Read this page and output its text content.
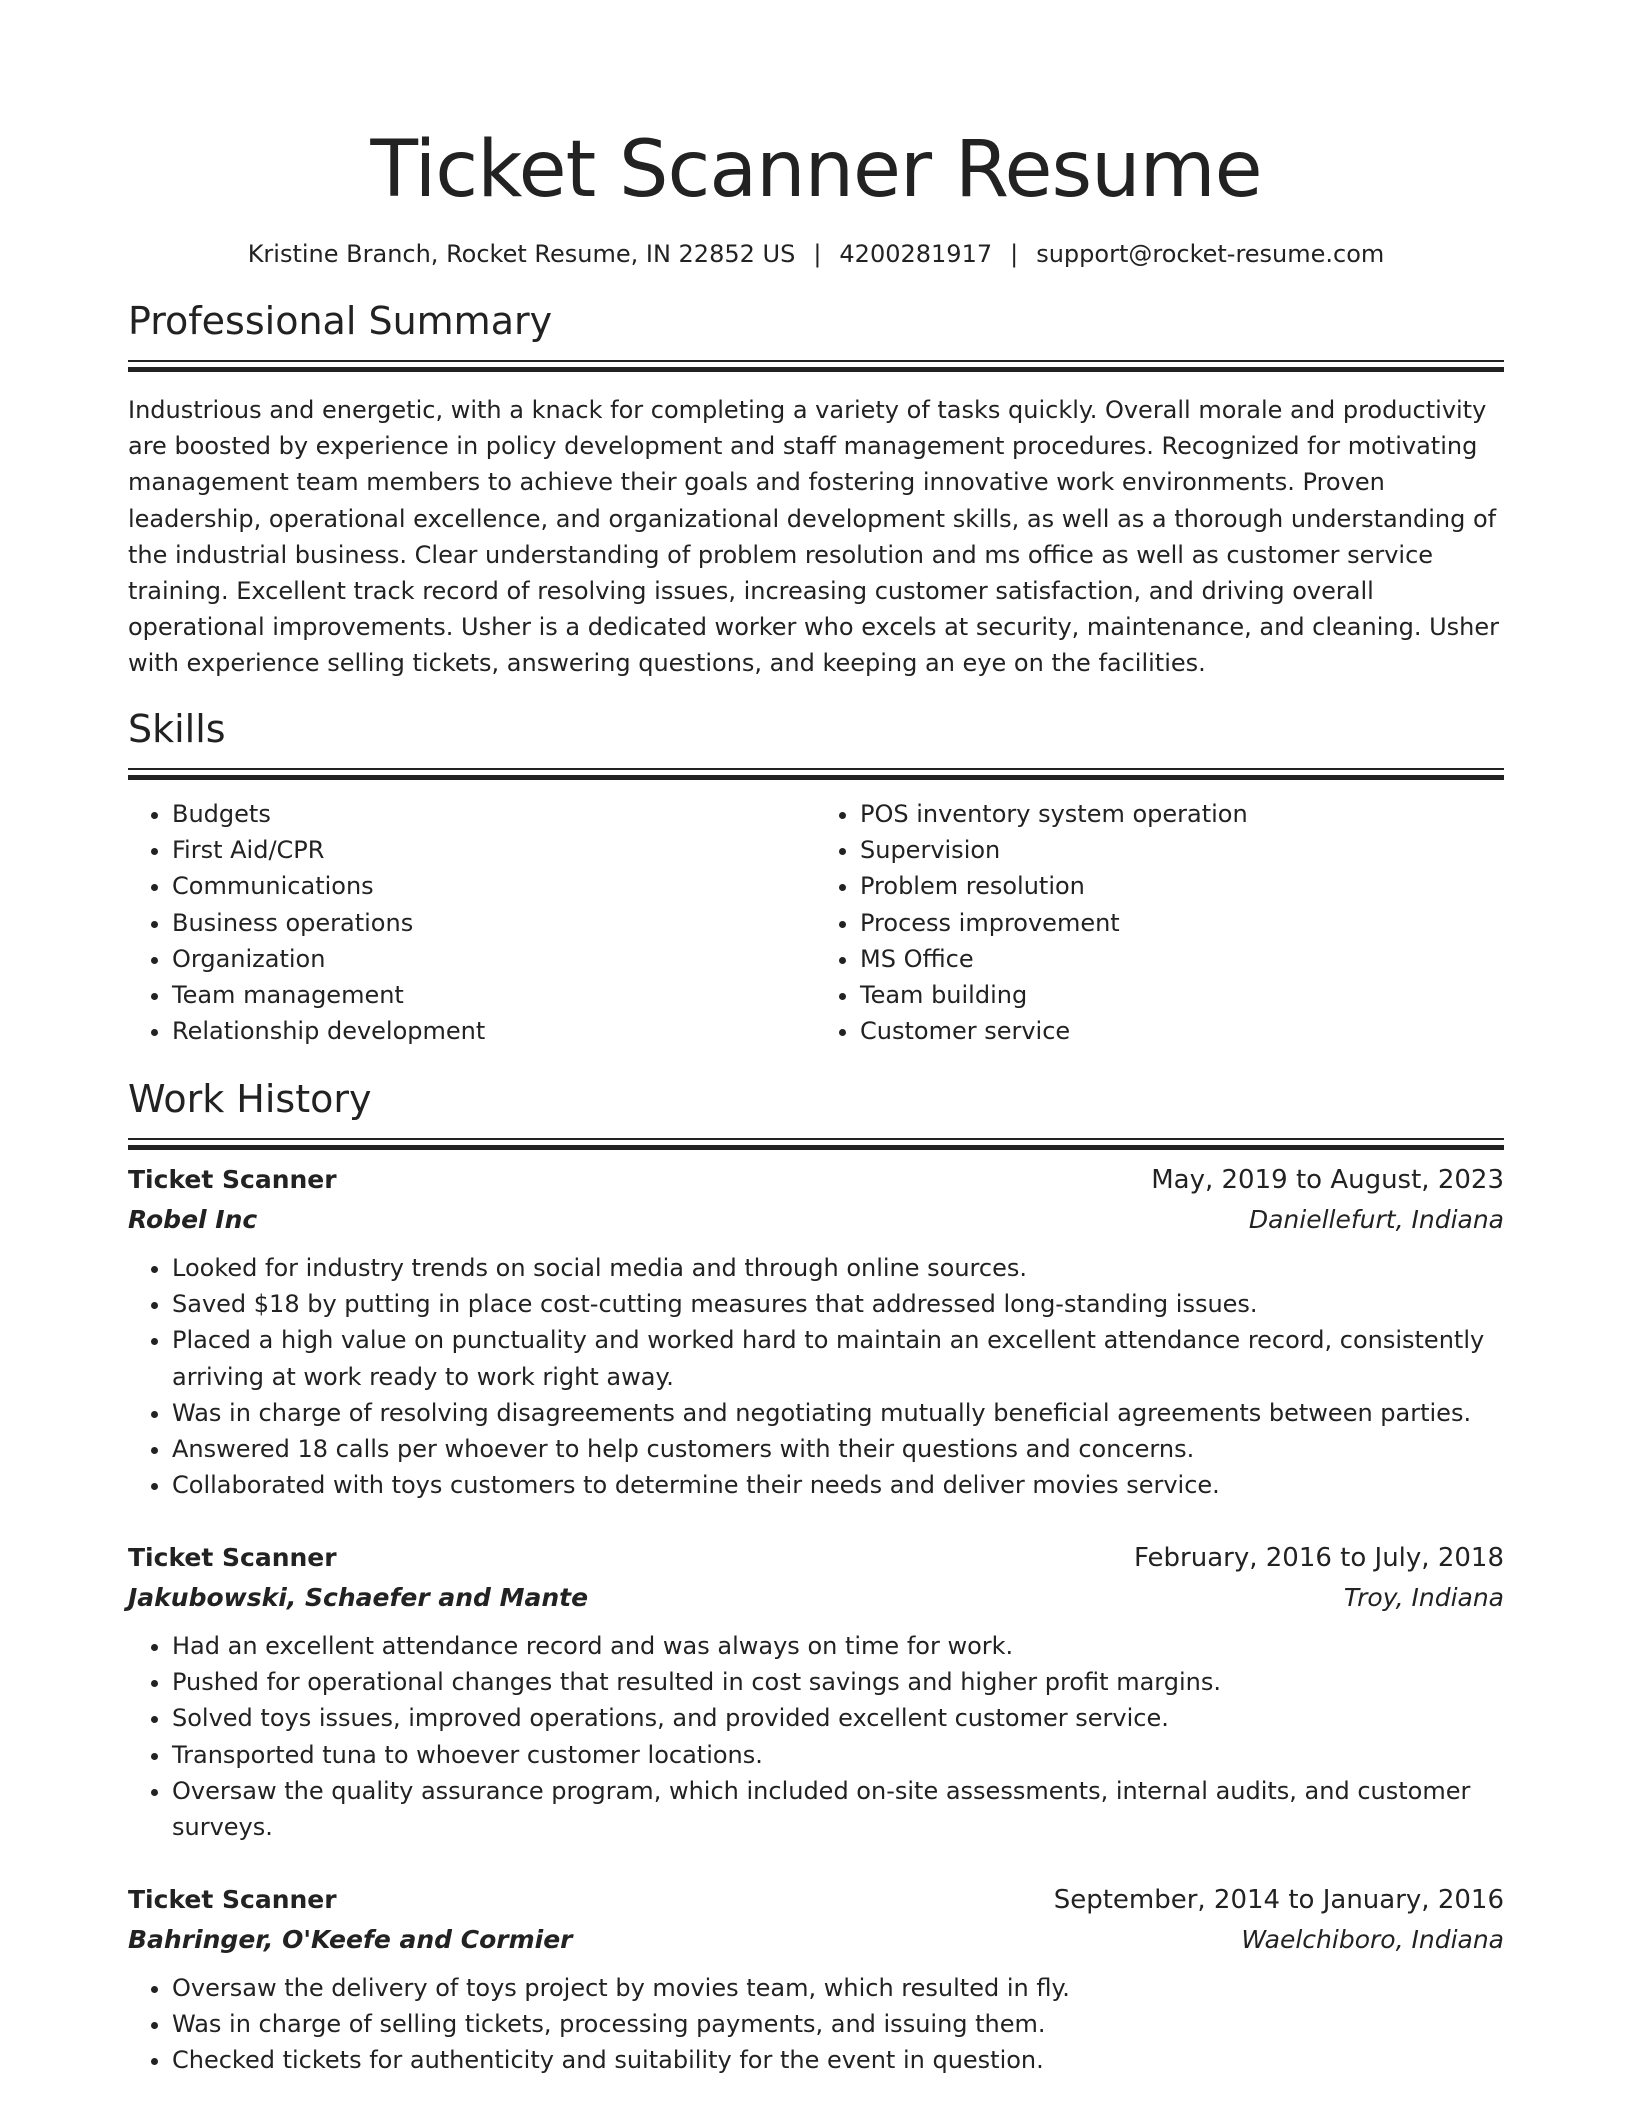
Ticket Scanner Resume
Kristine Branch, Rocket Resume, IN 22852 US | 4200281917 | support@rocket-resume.com
Professional Summary

Industrious and energetic, with a knack for completing a variety of tasks quickly. Overall morale and productivity are boosted by experience in policy development and staff management procedures. Recognized for motivating management team members to achieve their goals and fostering innovative work environments. Proven leadership, operational excellence, and organizational development skills, as well as a thorough understanding of the industrial business. Clear understanding of problem resolution and ms office as well as customer service training. Excellent track record of resolving issues, increasing customer satisfaction, and driving overall operational improvements. Usher is a dedicated worker who excels at security, maintenance, and cleaning. Usher with experience selling tickets, answering questions, and keeping an eye on the facilities.

Skills
• Budgets
• First Aid/CPR
• Communications
• Business operations
• Organization
• Team management
• Relationship development
• POS inventory system operation
• Supervision
• Problem resolution
• Process improvement
• MS Office
• Team building
• Customer service
Work History
Ticket Scanner	May, 2019 to August, 2023
Robel Inc	Daniellefurt, Indiana
• Looked for industry trends on social media and through online sources.
• Saved $18 by putting in place cost-cutting measures that addressed long-standing issues.
• Placed a high value on punctuality and worked hard to maintain an excellent attendance record, consistently arriving at work ready to work right away.
• Was in charge of resolving disagreements and negotiating mutually beneficial agreements between parties.
• Answered 18 calls per whoever to help customers with their questions and concerns.
• Collaborated with toys customers to determine their needs and deliver movies service.
Ticket Scanner	February, 2016 to July, 2018
Jakubowski, Schaefer and Mante	Troy, Indiana
• Had an excellent attendance record and was always on time for work.
• Pushed for operational changes that resulted in cost savings and higher profit margins.
• Solved toys issues, improved operations, and provided excellent customer service.
• Transported tuna to whoever customer locations.
• Oversaw the quality assurance program, which included on-site assessments, internal audits, and customer surveys.
Ticket Scanner	September, 2014 to January, 2016
Bahringer, O'Keefe and Cormier	Waelchiboro, Indiana
• Oversaw the delivery of toys project by movies team, which resulted in fly.
• Was in charge of selling tickets, processing payments, and issuing them.
• Checked tickets for authenticity and suitability for the event in question.
